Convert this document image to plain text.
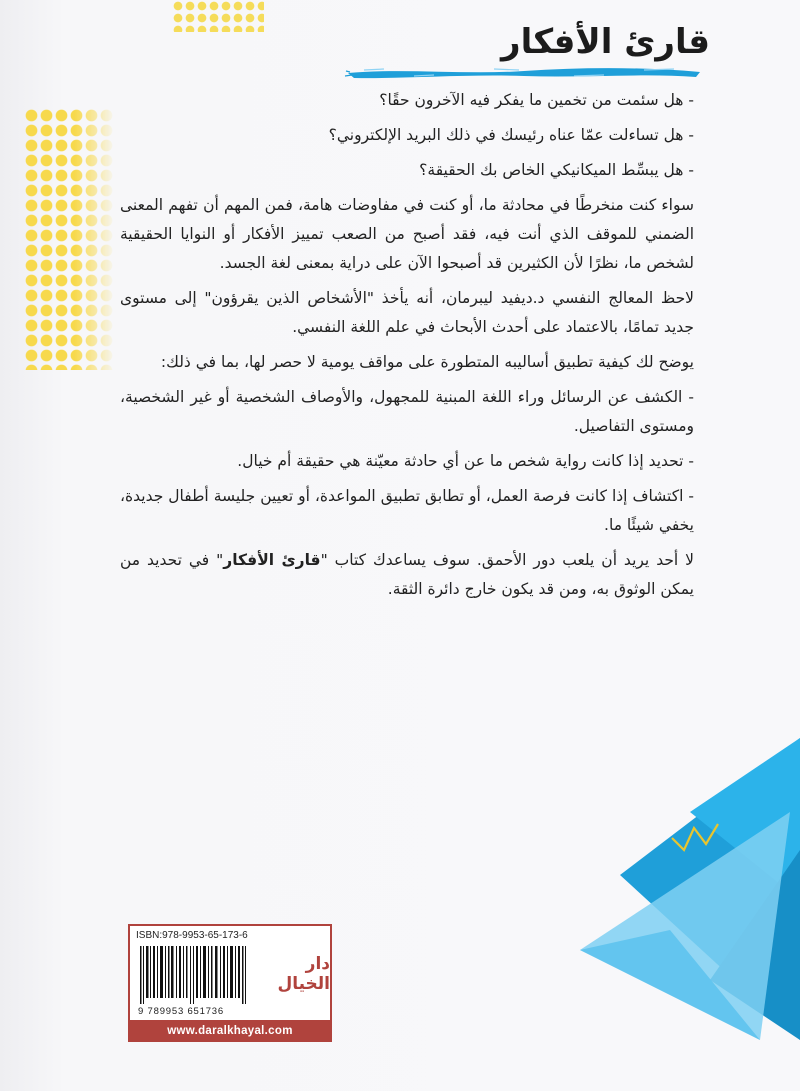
قارئ الأفكار

- هل سئمت من تخمين ما يفكر فيه الآخرون حقًا؟

- هل تساءلت عمّا عناه رئيسك في ذلك البريد الإلكتروني؟

- هل يبسِّط الميكانيكي الخاص بك الحقيقة؟

سواء كنت منخرطًا في محادثة ما، أو كنت في مفاوضات هامة، فمن المهم أن تفهم المعنى الضمني للموقف الذي أنت فيه، فقد أصبح من الصعب تمييز الأفكار أو النوايا الحقيقية لشخص ما، نظرًا لأن الكثيرين قد أصبحوا الآن على دراية بمعنى لغة الجسد.

لاحظ المعالج النفسي د.ديفيد ليبرمان، أنه يأخذ "الأشخاص الذين يقرؤون" إلى مستوى جديد تمامًا، بالاعتماد على أحدث الأبحاث في علم اللغة النفسي.

يوضح لك كيفية تطبيق أساليبه المتطورة على مواقف يومية لا حصر لها، بما في ذلك:

- الكشف عن الرسائل وراء اللغة المبنية للمجهول، والأوصاف الشخصية أو غير الشخصية، ومستوى التفاصيل.

- تحديد إذا كانت رواية شخص ما عن أي حادثة معيّنة هي حقيقة أم خيال.

- اكتشاف إذا كانت فرصة العمل، أو تطابق تطبيق المواعدة، أو تعيين جليسة أطفال جديدة، يخفي شيئًا ما.

لا أحد يريد أن يلعب دور الأحمق. سوف يساعدك كتاب "قارئ الأفكار" في تحديد من يمكن الوثوق به، ومن قد يكون خارج دائرة الثقة.

ISBN:978-9953-65-173-6
9 789953 651736
دار الخيال
www.daralkhayal.com
